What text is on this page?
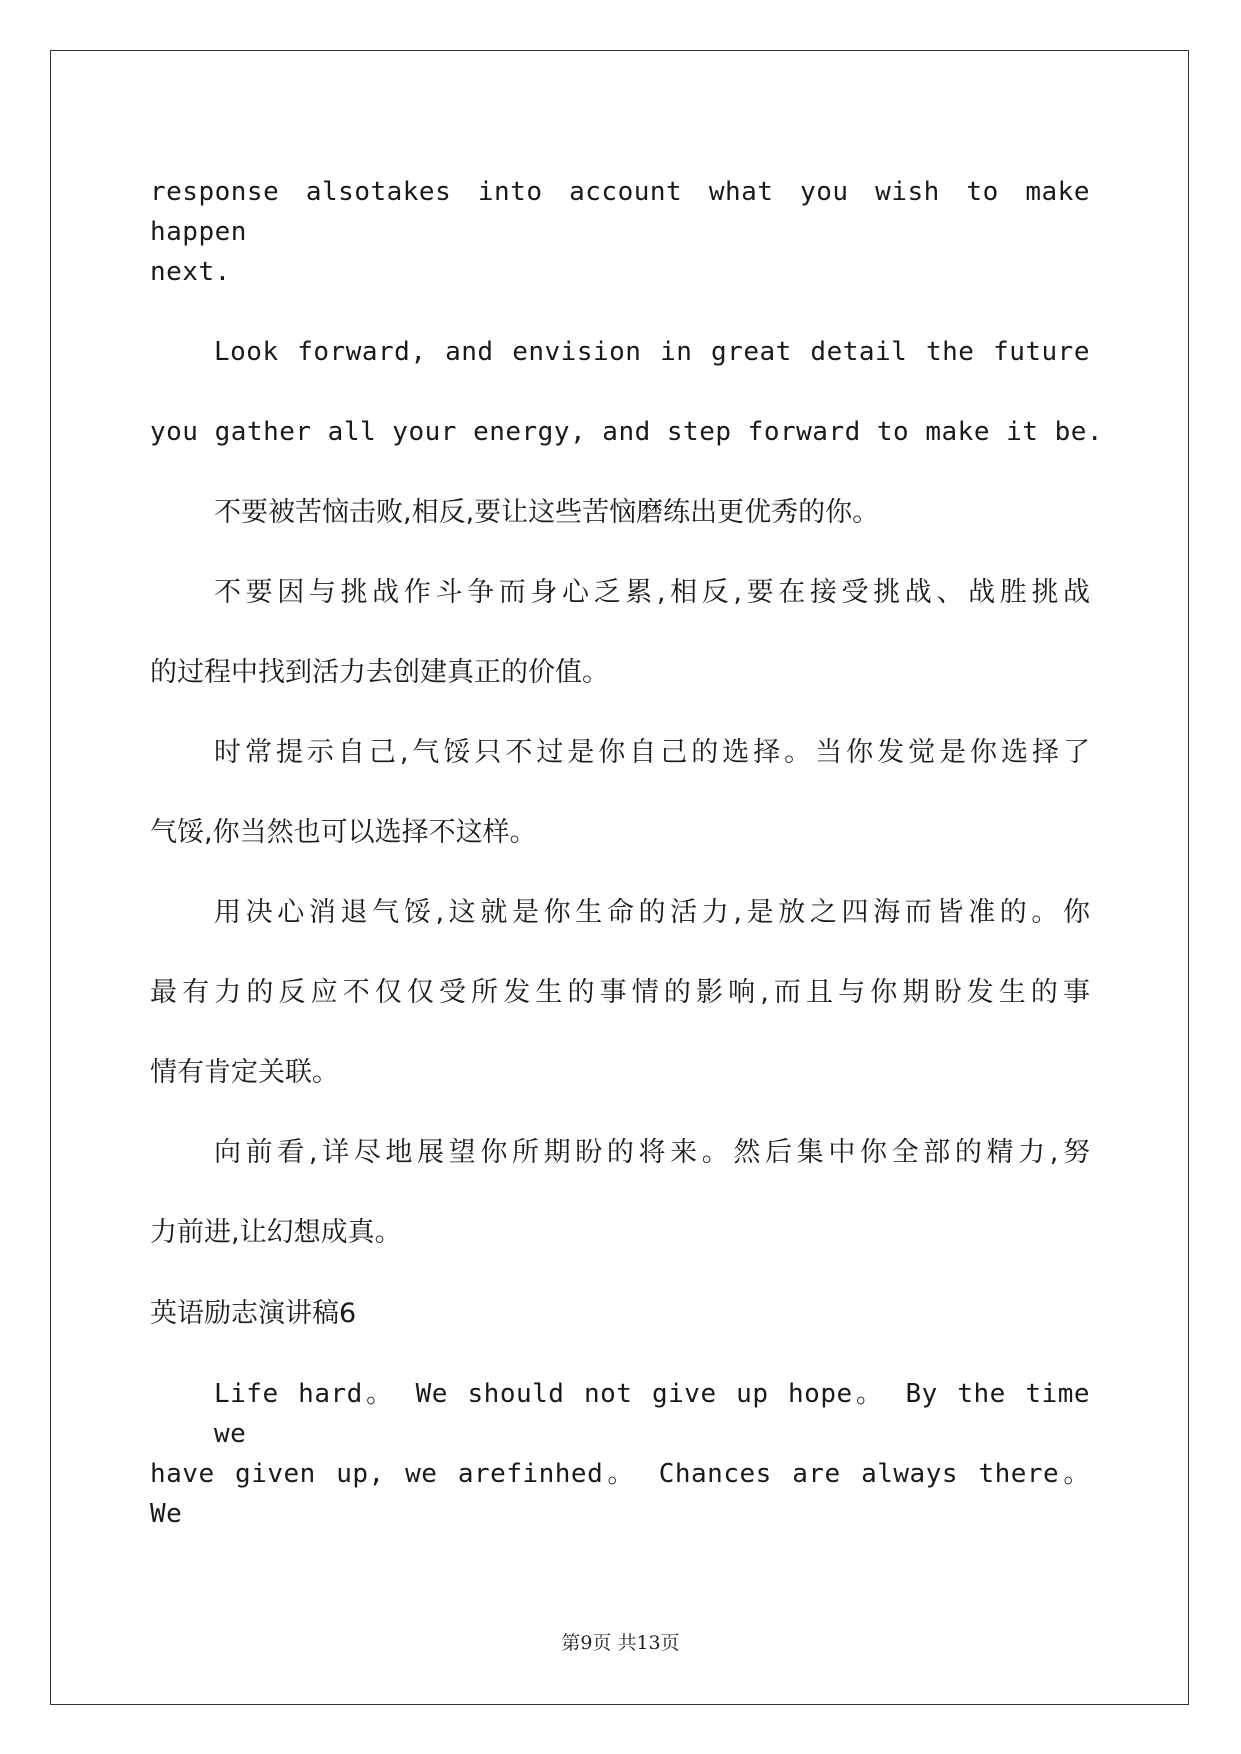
response alsotakes into account what you wish to make happen
next.
Look forward, and envision in great detail the future
you gather all your energy, and step forward to make it be.
不要被苦恼击败,相反,要让这些苦恼磨练出更优秀的你。
不要因与挑战作斗争而身心乏累,相反,要在接受挑战、战胜挑战
的过程中找到活力去创建真正的价值。
时常提示自己,气馁只不过是你自己的选择。当你发觉是你选择了
气馁,你当然也可以选择不这样。
用决心消退气馁,这就是你生命的活力,是放之四海而皆准的。你
最有力的反应不仅仅受所发生的事情的影响,而且与你期盼发生的事
情有肯定关联。
向前看,详尽地展望你所期盼的将来。然后集中你全部的精力,努
力前进,让幻想成真。
英语励志演讲稿6
Life hard。 We should not give up hope。 By the time we
have given up, we arefinhed。 Chances are always there。 We
第9页 共13页
